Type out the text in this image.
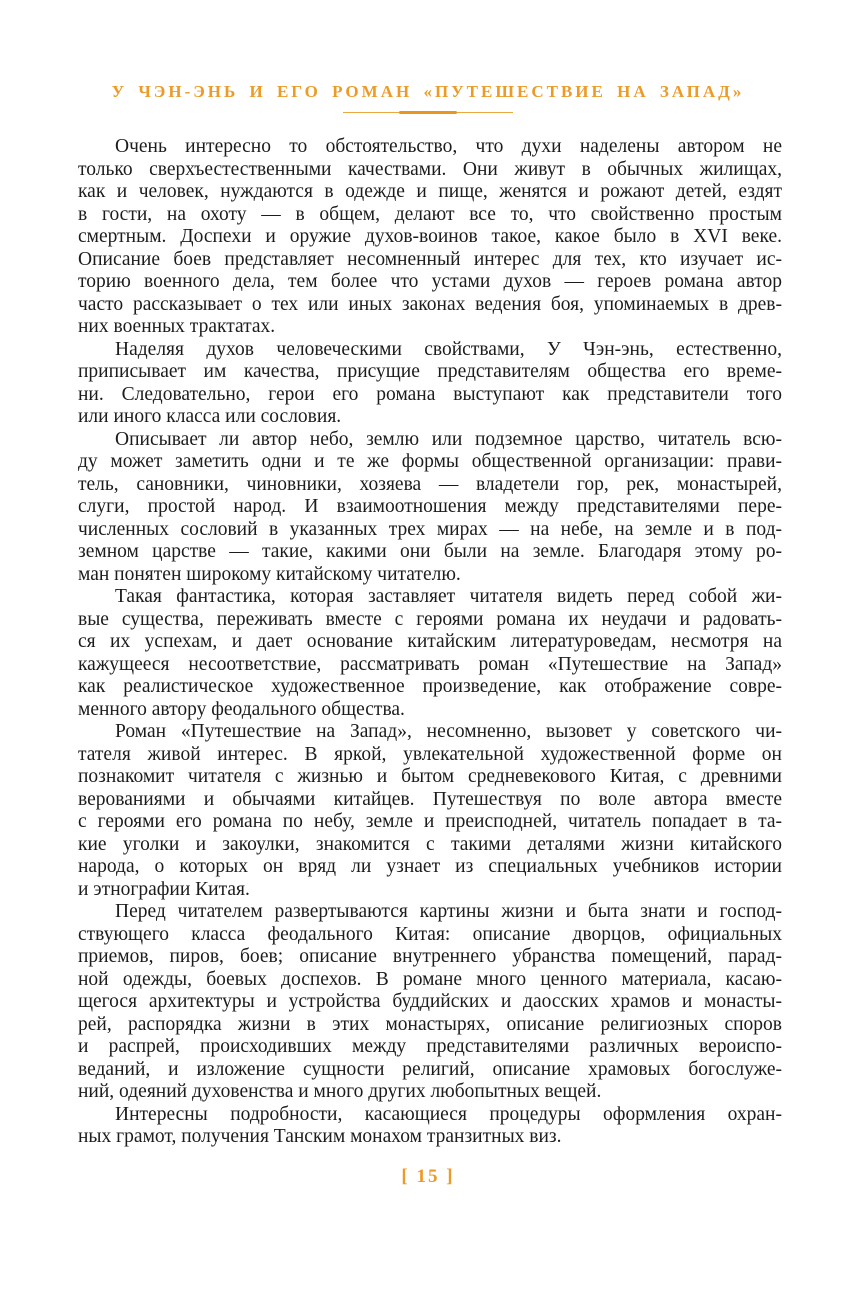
У ЧЭН-ЭНЬ И ЕГО РОМАН «ПУТЕШЕСТВИЕ НА ЗАПАД»
Очень интересно то обстоятельство, что духи наделены автором не
только сверхъестественными качествами. Они живут в обычных жилищах,
как и человек, нуждаются в одежде и пище, женятся и рожают детей, ездят
в гости, на охоту — в общем, делают все то, что свойственно простым
смертным. Доспехи и оружие духов-воинов такое, какое было в XVI веке.
Описание боев представляет несомненный интерес для тех, кто изучает ис-
торию военного дела, тем более что устами духов — героев романа автор
часто рассказывает о тех или иных законах ведения боя, упоминаемых в древ-
них военных трактатах.
Наделяя духов человеческими свойствами, У Чэн-энь, естественно,
приписывает им качества, присущие представителям общества его време-
ни. Следовательно, герои его романа выступают как представители того
или иного класса или сословия.
Описывает ли автор небо, землю или подземное царство, читатель всю-
ду может заметить одни и те же формы общественной организации: прави-
тель, сановники, чиновники, хозяева — владетели гор, рек, монастырей,
слуги, простой народ. И взаимоотношения между представителями пере-
численных сословий в указанных трех мирах — на небе, на земле и в под-
земном царстве — такие, какими они были на земле. Благодаря этому ро-
ман понятен широкому китайскому читателю.
Такая фантастика, которая заставляет читателя видеть перед собой жи-
вые существа, переживать вместе с героями романа их неудачи и радовать-
ся их успехам, и дает основание китайским литературоведам, несмотря на
кажущееся несоответствие, рассматривать роман «Путешествие на Запад»
как реалистическое художественное произведение, как отображение совре-
менного автору феодального общества.
Роман «Путешествие на Запад», несомненно, вызовет у советского чи-
тателя живой интерес. В яркой, увлекательной художественной форме он
познакомит читателя с жизнью и бытом средневекового Китая, с древними
верованиями и обычаями китайцев. Путешествуя по воле автора вместе
с героями его романа по небу, земле и преисподней, читатель попадает в та-
кие уголки и закоулки, знакомится с такими деталями жизни китайского
народа, о которых он вряд ли узнает из специальных учебников истории
и этнографии Китая.
Перед читателем развертываются картины жизни и быта знати и господ-
ствующего класса феодального Китая: описание дворцов, официальных
приемов, пиров, боев; описание внутреннего убранства помещений, парад-
ной одежды, боевых доспехов. В романе много ценного материала, касаю-
щегося архитектуры и устройства буддийских и даосских храмов и монасты-
рей, распорядка жизни в этих монастырях, описание религиозных споров
и распрей, происходивших между представителями различных вероиспо-
веданий, и изложение сущности религий, описание храмовых богослуже-
ний, одеяний духовенства и много других любопытных вещей.
Интересны подробности, касающиеся процедуры оформления охран-
ных грамот, получения Танским монахом транзитных виз.
[ 15 ]
